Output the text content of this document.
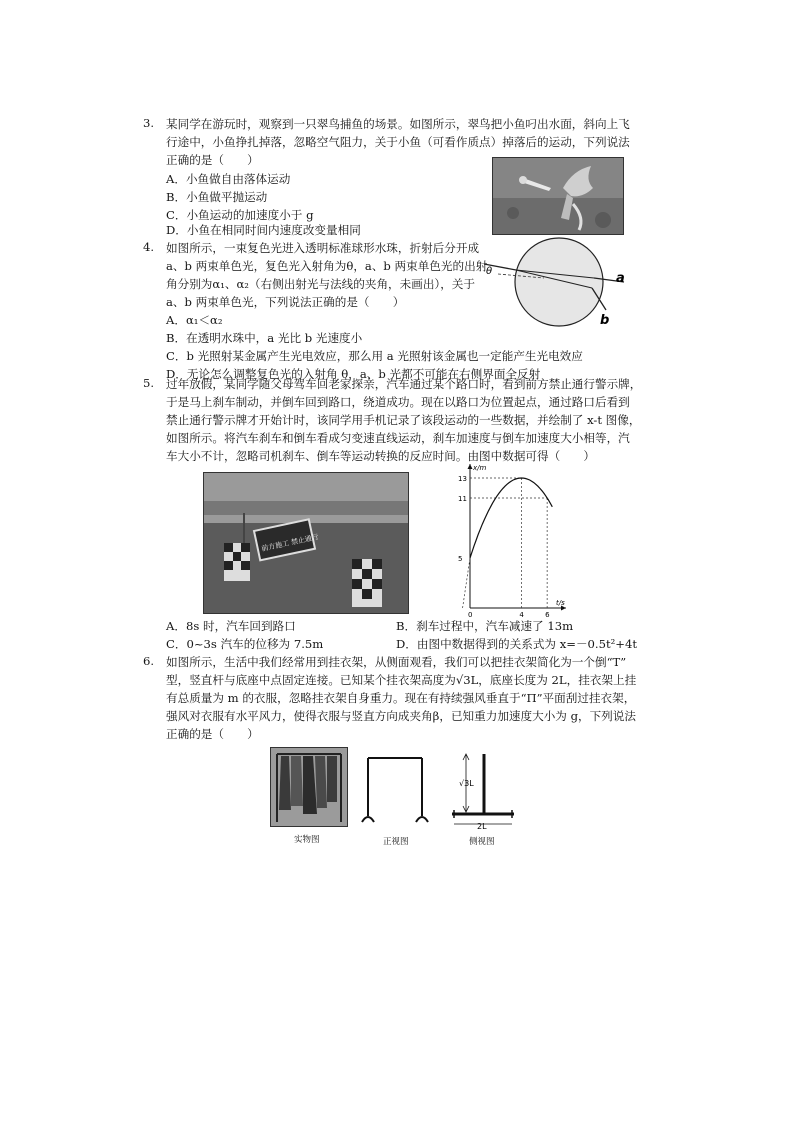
3. 某同学在游玩时，观察到一只翠鸟捕鱼的场景。如图所示，翠鸟把小鱼叼出水面，斜向上飞
行途中，小鱼挣扎掉落，忽略空气阻力，关于小鱼（可看作质点）掉落后的运动，下列说法
正确的是（　　）
A．小鱼做自由落体运动
B．小鱼做平抛运动
C．小鱼运动的加速度小于 g
D．小鱼在相同时间内速度改变量相同
4. 如图所示，一束复色光进入透明标准球形水珠，折射后分开成
a、b 两束单色光，复色光入射角为θ，a、b 两束单色光的出射
角分别为α₁、α₂（右侧出射光与法线的夹角，未画出），关于
a、b 两束单色光，下列说法正确的是（　　）
A．α₁＜α₂
B．在透明水珠中，a 光比 b 光速度小
C．b 光照射某金属产生光电效应，那么用 a 光照射该金属也一定能产生光电效应
D．无论怎么调整复色光的入射角 θ，a、b 光都不可能在右侧界面全反射
θ	a
b
5. 过年放假，某同学随父母驾车回老家探亲，汽车通过某个路口时，看到前方禁止通行警示牌，
于是马上刹车制动，并倒车回到路口，绕道成功。现在以路口为位置起点，通过路口后看到
禁止通行警示牌才开始计时，该同学用手机记录了该段运动的一些数据，并绘制了 x-t 图像，
如图所示。将汽车刹车和倒车看成匀变速直线运动，刹车加速度与倒车加速度大小相等，汽
车大小不计，忽略司机刹车、倒车等运动转换的反应时间。由图中数据可得（　　）
前方施工 禁止通行
x/m
t/s
5
11
13
0	4	6
A．8s 时，汽车回到路口	B．刹车过程中，汽车减速了 13m
C．0~3s 汽车的位移为 7.5m	D．由图中数据得到的关系式为 x=－0.5t²+4t
6. 如图所示，生活中我们经常用到挂衣架，从侧面观看，我们可以把挂衣架简化为一个倒“T”
型，竖直杆与底座中点固定连接。已知某个挂衣架高度为√3L，底座长度为 2L，挂衣架上挂
有总质量为 m 的衣服，忽略挂衣架自身重力。现在有持续强风垂直于“Π”平面刮过挂衣架，
强风对衣服有水平风力，使得衣服与竖直方向成夹角β，已知重力加速度大小为 g，下列说法
正确的是（　　）
实物图	正视图
√3L
2L
侧视图
